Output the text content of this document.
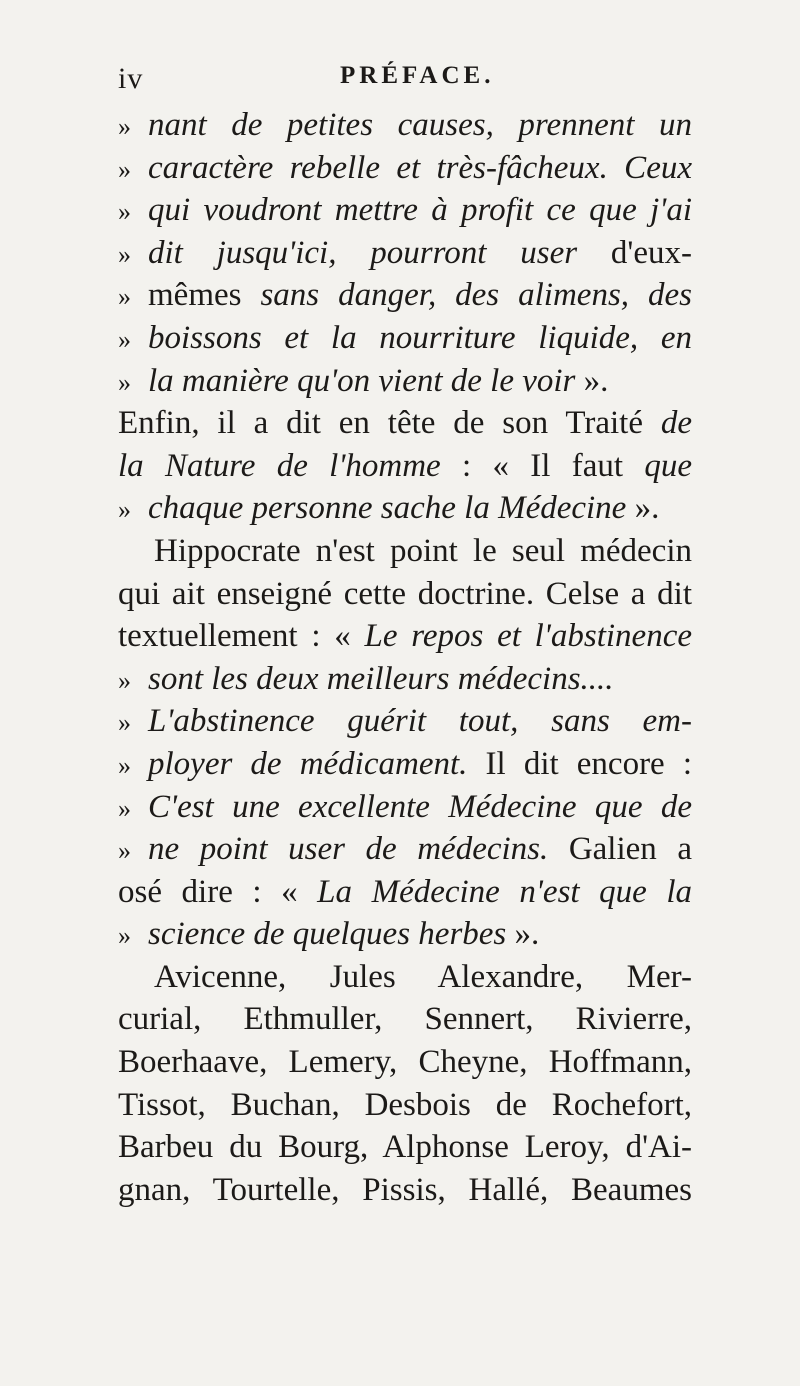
iv	PRÉFACE.
»nant de petites causes, prennent un
»caractère rebelle et très-fâcheux. Ceux
»qui voudront mettre à profit ce que j'ai
»dit jusqu'ici, pourront user d'eux-
»mêmes sans danger, des alimens, des
»boissons et la nourriture liquide, en
»la manière qu'on vient de le voir ».
Enfin, il a dit en tête de son Traité de
la Nature de l'homme : « Il faut que
»chaque personne sache la Médecine ».
Hippocrate n'est point le seul médecin
qui ait enseigné cette doctrine. Celse a dit
textuellement : « Le repos et l'abstinence
»sont les deux meilleurs médecins....
»L'abstinence guérit tout, sans em-
»ployer de médicament. Il dit encore :
»C'est une excellente Médecine que de
»ne point user de médecins. Galien a
osé dire : « La Médecine n'est que la
»science de quelques herbes ».
Avicenne, Jules Alexandre, Mer-
curial, Ethmuller, Sennert, Rivierre,
Boerhaave, Lemery, Cheyne, Hoffmann,
Tissot, Buchan, Desbois de Rochefort,
Barbeu du Bourg, Alphonse Leroy, d'Ai-
gnan, Tourtelle, Pissis, Hallé, Beaumes
